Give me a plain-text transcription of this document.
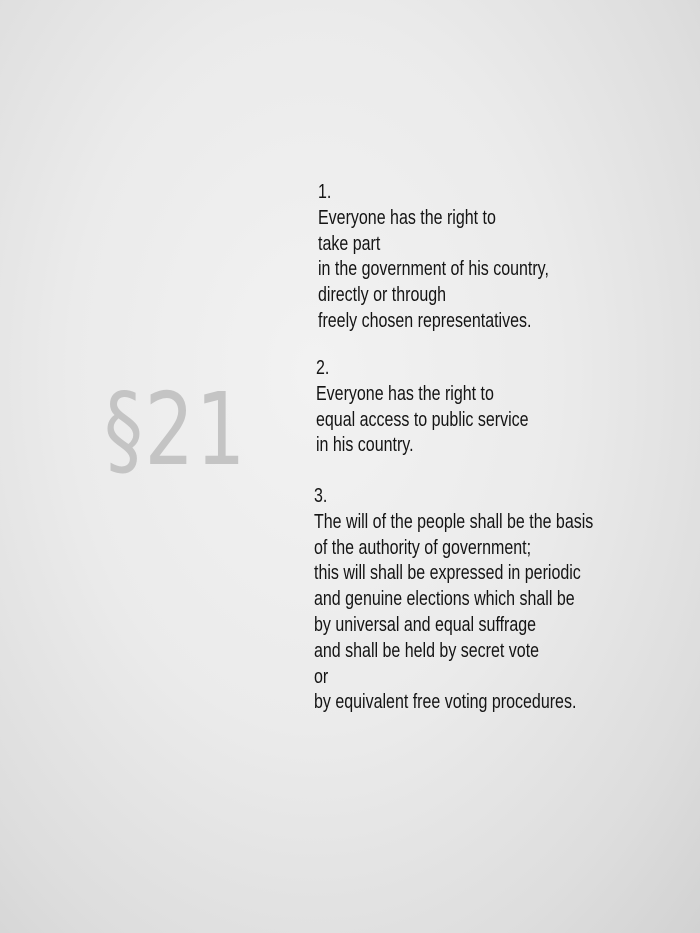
§21
1.
Everyone has the right to
take part
in the government of his country,
directly or through
freely chosen representatives.
2.
Everyone has the right to
equal access to public service
in his country.
3.
The will of the people shall be the basis
of the authority of government;
this will shall be expressed in periodic
and genuine elections which shall be
by universal and equal suffrage
and shall be held by secret vote
or
by equivalent free voting procedures.
